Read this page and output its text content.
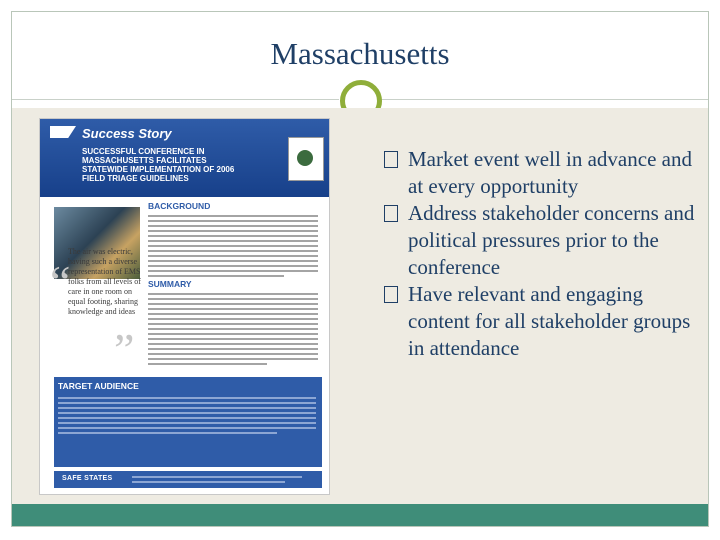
Massachusetts
Success Story
SUCCESSFUL CONFERENCE IN MASSACHUSETTS FACILITATES STATEWIDE IMPLEMENTATION OF 2006 FIELD TRIAGE GUIDELINES
“
”
The air was electric, having such a diverse representation of EMS folks from all levels of care in one room on equal footing, sharing knowledge and ideas
BACKGROUND
SUMMARY
TARGET AUDIENCE
SAFE STATES

Market event well in advance and at every opportunity

Address stakeholder concerns and political pressures prior to the conference

Have relevant and engaging content for all stakeholder groups in attendance
